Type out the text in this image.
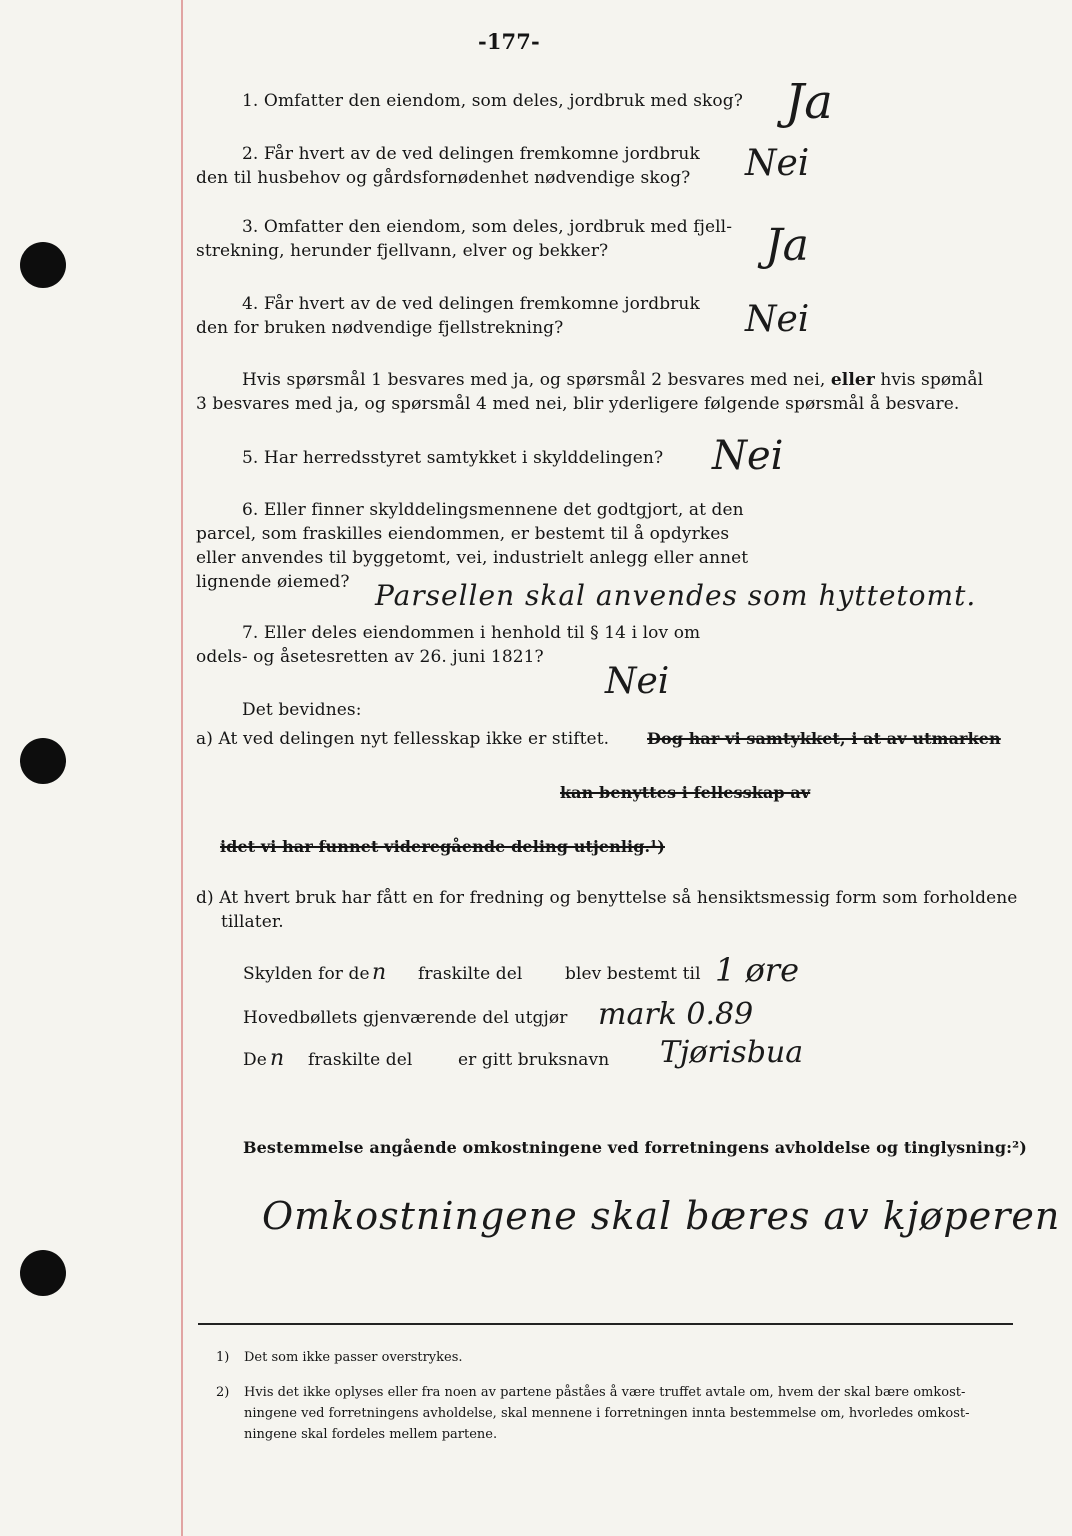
-177-
1. Omfatter den eiendom, som deles, jordbruk med skog? Ja
2. Får hvert av de ved delingen fremkomne jordbruk
den til husbehov og gårdsfornødenhet nødvendige skog? Nei
3. Omfatter den eiendom, som deles, jordbruk med fjell-
strekning, herunder fjellvann, elver og bekker?	Ja
4. Får hvert av de ved delingen fremkomne jordbruk
den for bruken nødvendige fjellstrekning?	Nei
Hvis spørsmål 1 besvares med ja, og spørsmål 2 besvares med nei, eller hvis spømål
3 besvares med ja, og spørsmål 4 med nei, blir yderligere følgende spørsmål å besvare.
5. Har herredsstyret samtykket i skylddelingen? Nei
6. Eller finner skylddelingsmennene det godtgjort, at den
parcel, som fraskilles eiendommen, er bestemt til å opdyrkes
eller anvendes til byggetomt, vei, industrielt anlegg eller annet
lignende øiemed? Parsellen skal anvendes som hyttetomt.
7. Eller deles eiendommen i henhold til § 14 i lov om
odels- og åsetesretten av 26. juni 1821?
Nei
Det bevidnes:
a) At ved delingen nyt fellesskap ikke er stiftet. Dog har vi samtykket, i at av utmarken
kan benyttes i fellesskap av
idet vi har funnet videregående deling utjenlig.¹)
d) At hvert bruk har fått en for fredning og benyttelse så hensiktsmessig form som forholdene
tillater.
Skylden for de n fraskilte del	blev bestemt til 1 øre
Hovedbøllets gjenværende del utgjør mark 0.89
De n fraskilte del	er gitt bruksnavn Tjørisbua
Bestemmelse angående omkostningene ved forretningens avholdelse og tinglysning:²)
Omkostningene skal bæres av kjøperen
1) Det som ikke passer overstrykes.
2) Hvis det ikke oplyses eller fra noen av partene påståes å være truffet avtale om, hvem der skal bære omkost-
ningene ved forretningens avholdelse, skal mennene i forretningen innta bestemmelse om, hvorledes omkost-
ningene skal fordeles mellem partene.
